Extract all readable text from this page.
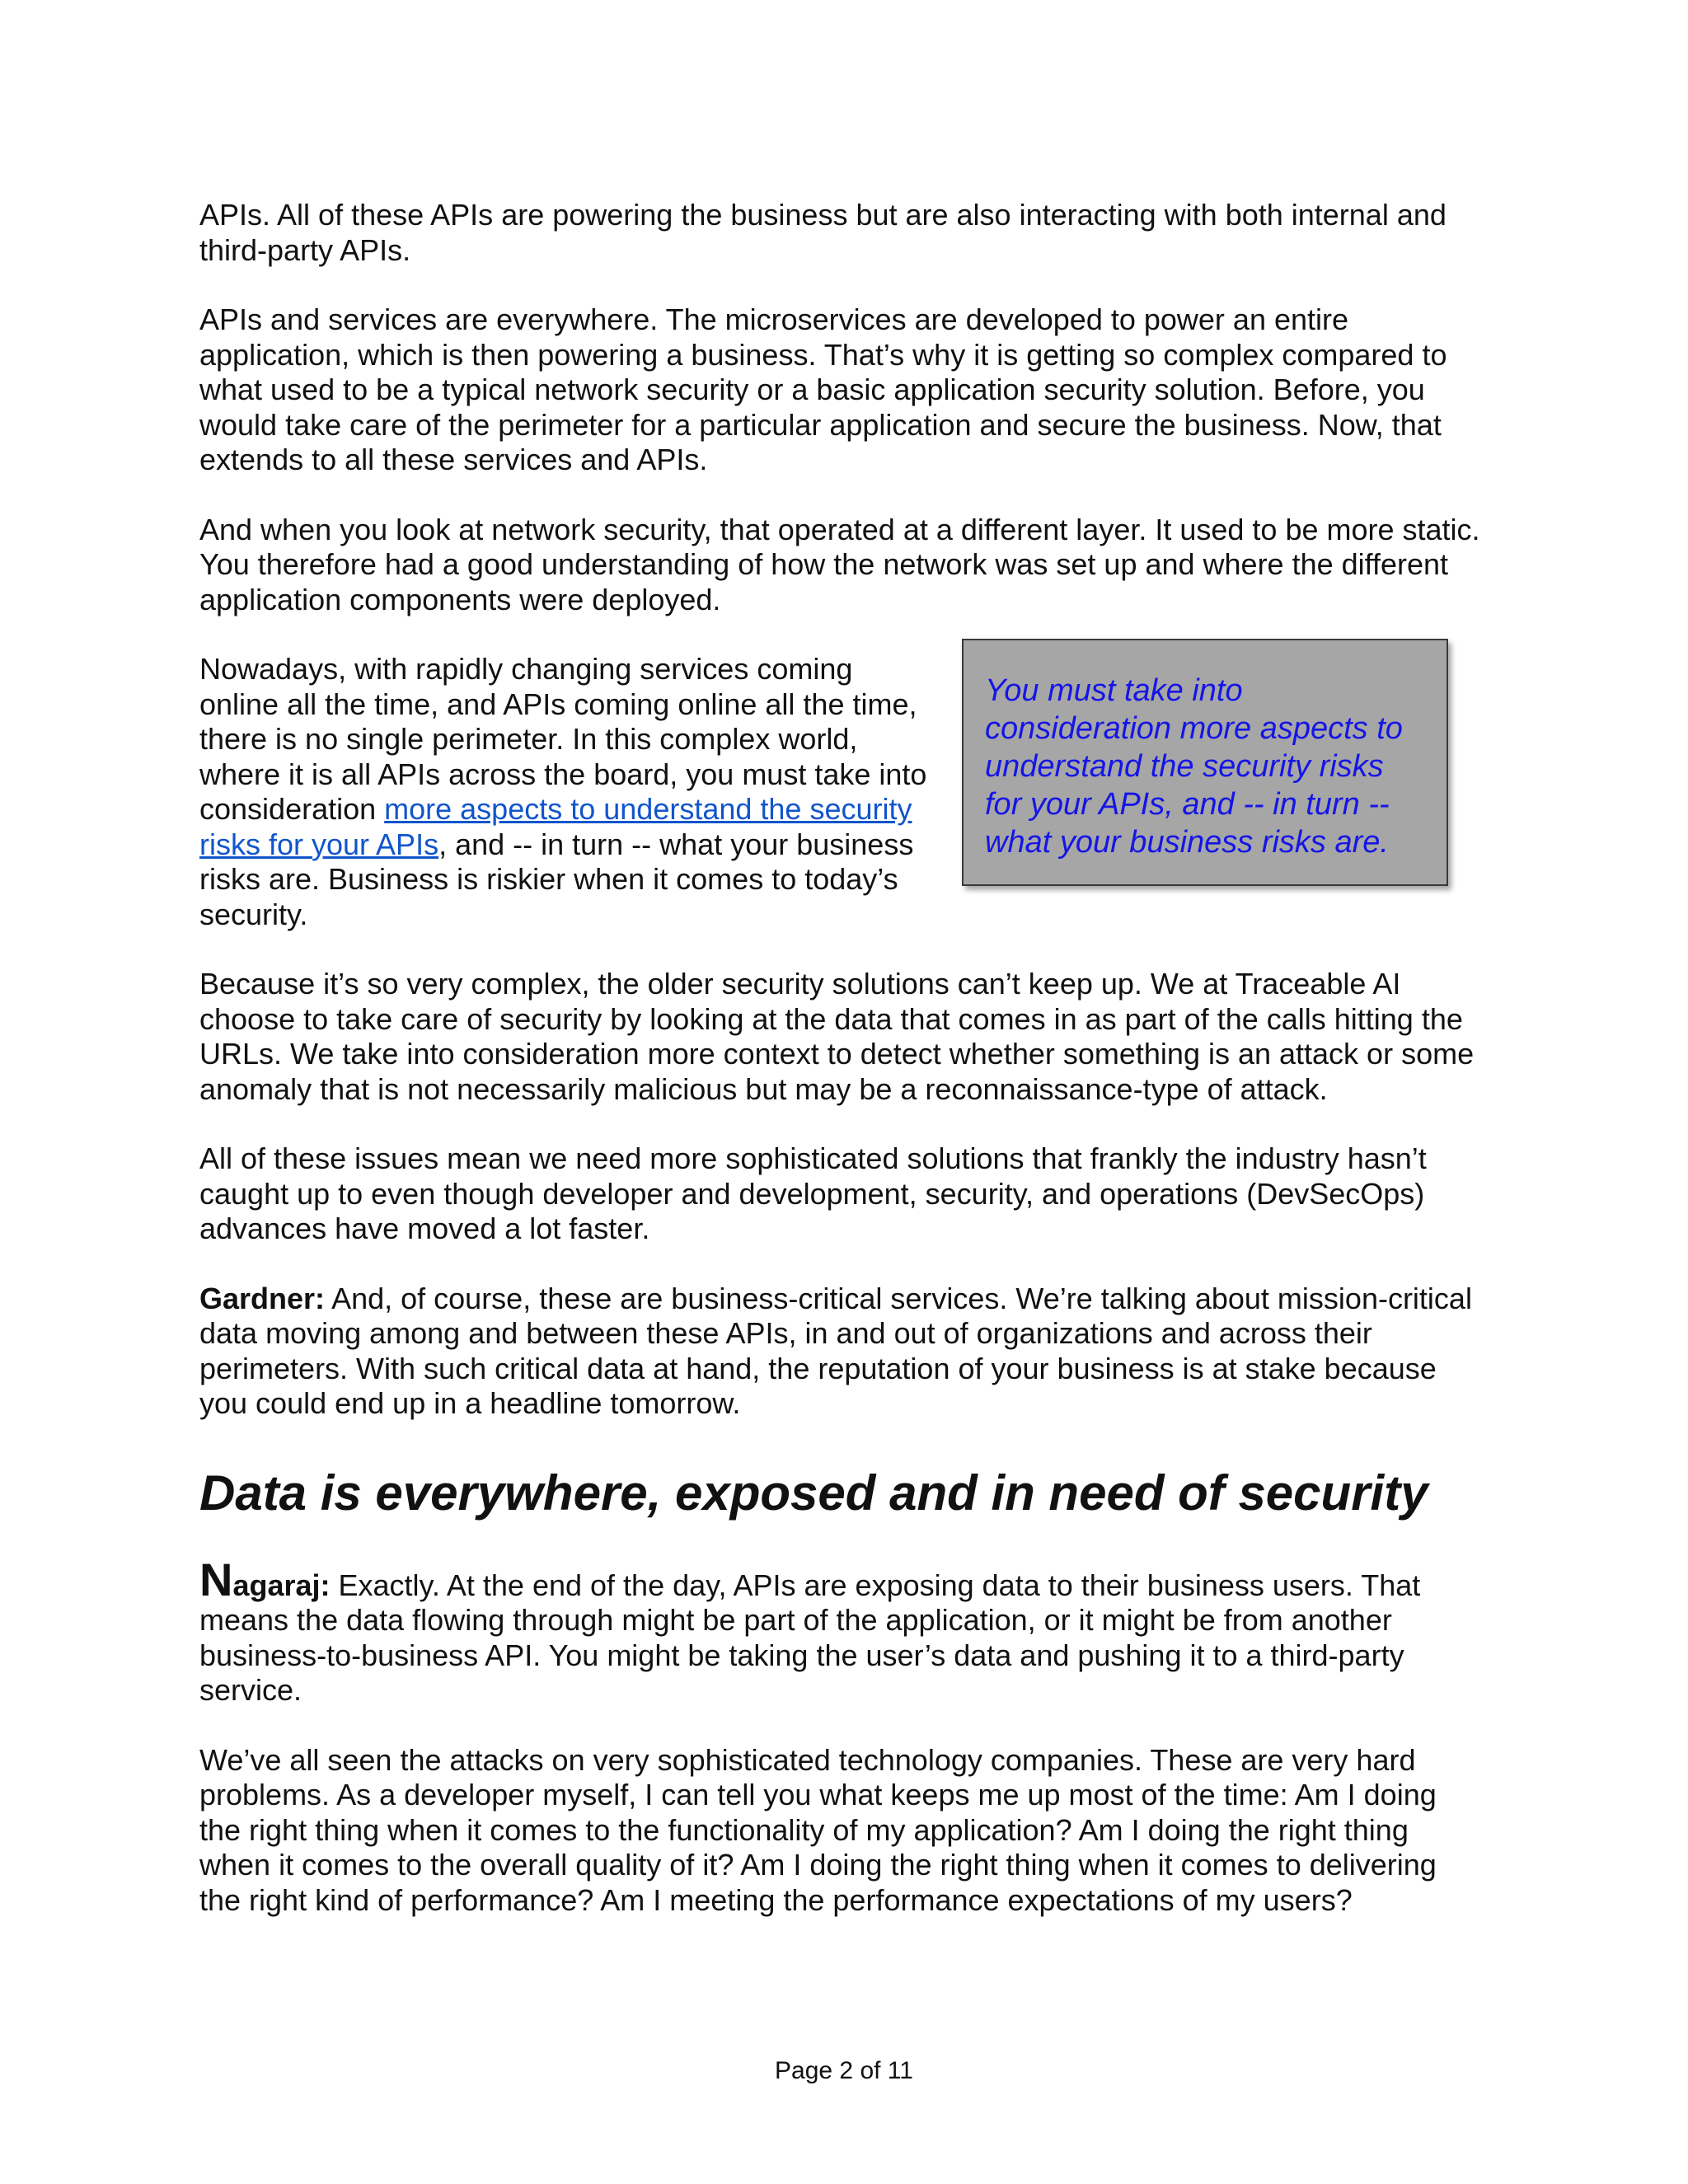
APIs. All of these APIs are powering the business but are also interacting with both internal and third-party APIs.

APIs and services are everywhere. The microservices are developed to power an entire application, which is then powering a business. That’s why it is getting so complex compared to what used to be a typical network security or a basic application security solution. Before, you would take care of the perimeter for a particular application and secure the business. Now, that extends to all these services and APIs.

And when you look at network security, that operated at a different layer. It used to be more static. You therefore had a good understanding of how the network was set up and where the different application components were deployed.

You must take into consideration more aspects to understand the security risks for your APIs, and -- in turn -- what your business risks are.

Nowadays, with rapidly changing services coming online all the time, and APIs coming online all the time, there is no single perimeter. In this complex world, where it is all APIs across the board, you must take into consideration more aspects to understand the security risks for your APIs, and -- in turn -- what your business risks are. Business is riskier when it comes to today’s security.

Because it’s so very complex, the older security solutions can’t keep up. We at Traceable AI choose to take care of security by looking at the data that comes in as part of the calls hitting the URLs. We take into consideration more context to detect whether something is an attack or some anomaly that is not necessarily malicious but may be a reconnaissance-type of attack.

All of these issues mean we need more sophisticated solutions that frankly the industry hasn’t caught up to even though developer and development, security, and operations (DevSecOps) advances have moved a lot faster.

Gardner: And, of course, these are business-critical services. We’re talking about mission-critical data moving among and between these APIs, in and out of organizations and across their perimeters. With such critical data at hand, the reputation of your business is at stake because you could end up in a headline tomorrow.

Data is everywhere, exposed and in need of security

Nagaraj: Exactly. At the end of the day, APIs are exposing data to their business users. That means the data flowing through might be part of the application, or it might be from another business-to-business API. You might be taking the user’s data and pushing it to a third-party service.

We’ve all seen the attacks on very sophisticated technology companies. These are very hard problems. As a developer myself, I can tell you what keeps me up most of the time: Am I doing the right thing when it comes to the functionality of my application? Am I doing the right thing when it comes to the overall quality of it? Am I doing the right thing when it comes to delivering the right kind of performance? Am I meeting the performance expectations of my users?

Page 2 of 11
